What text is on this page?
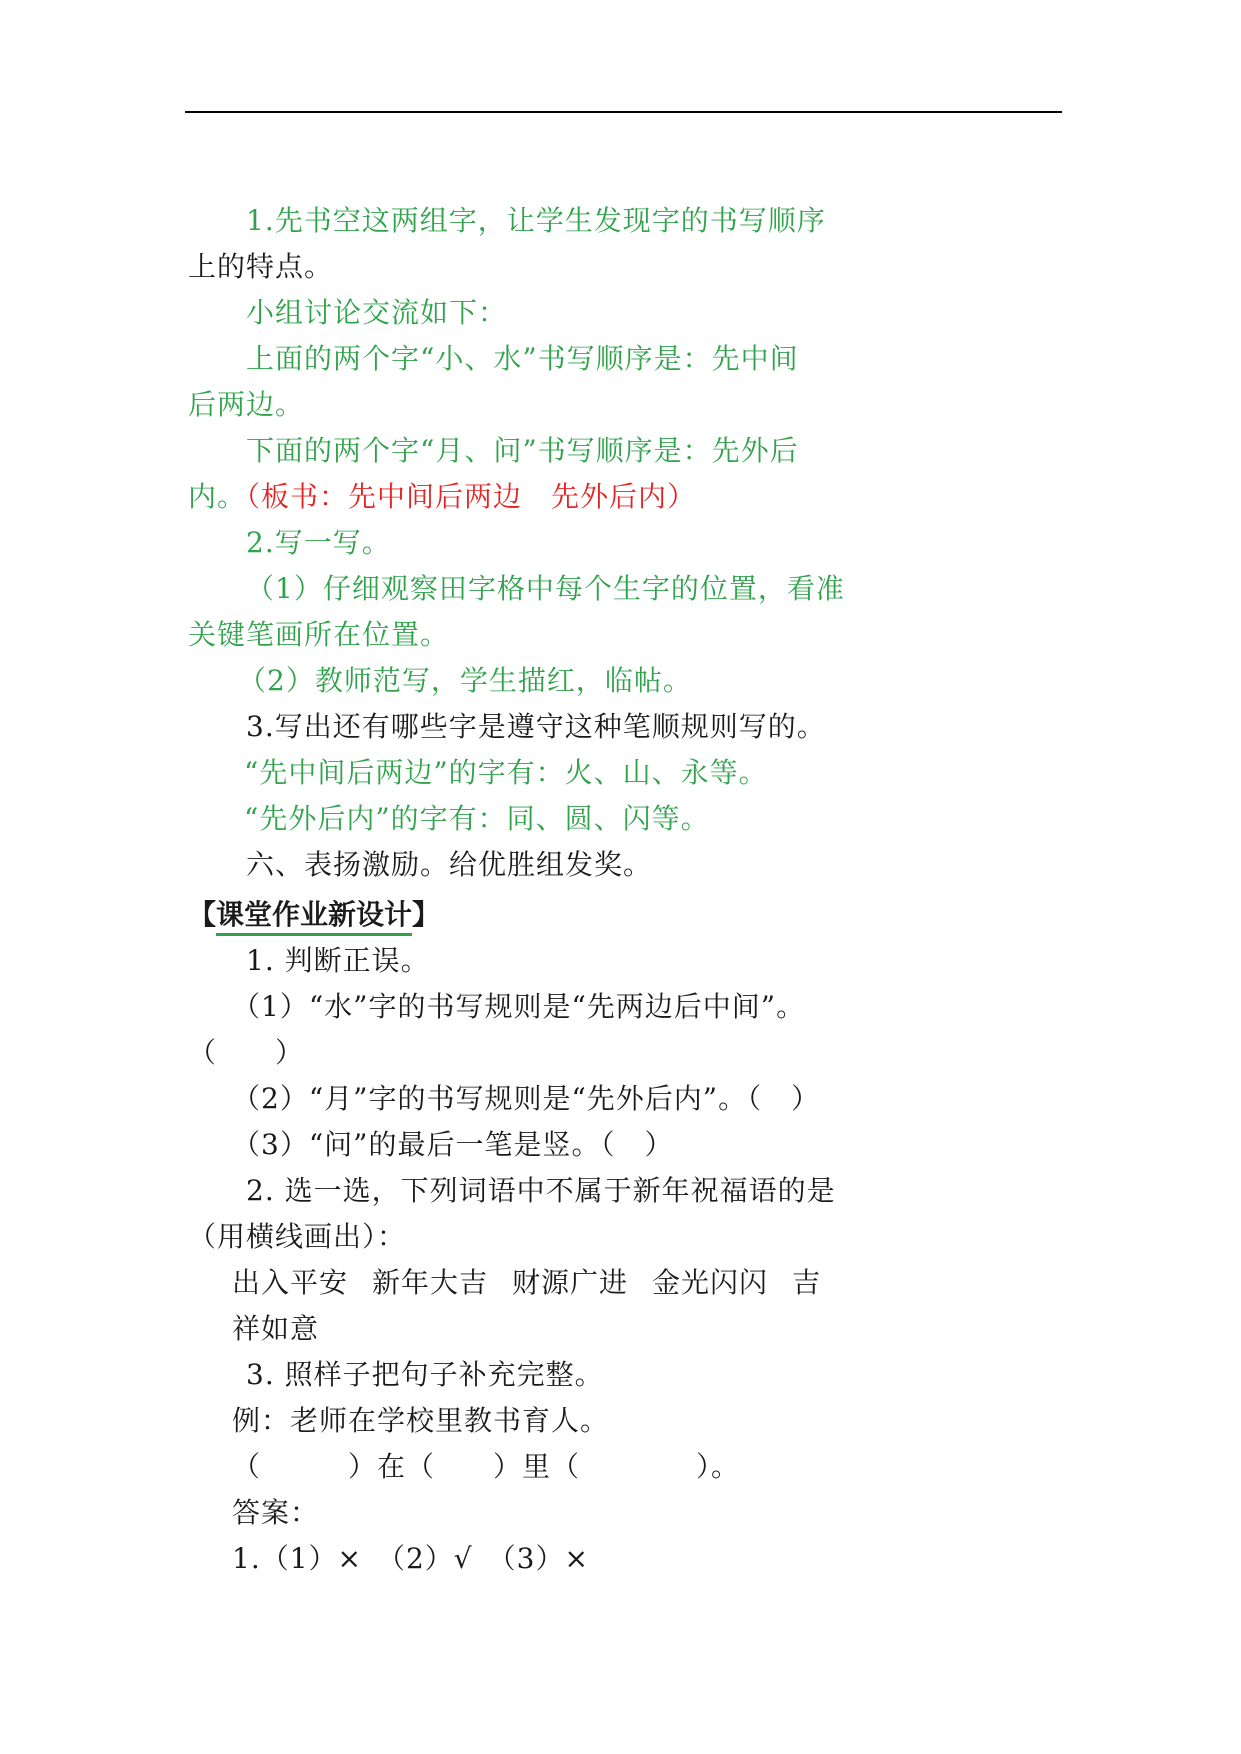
1.先书空这两组字，让学生发现字的书写顺序
上的特点。
小组讨论交流如下：
上面的两个字“小、水”书写顺序是：先中间
后两边。
下面的两个字“月、问”书写顺序是：先外后
内。（板书：先中间后两边　先外后内）
2.写一写。
（1）仔细观察田字格中每个生字的位置，看准
关键笔画所在位置。
（2）教师范写，学生描红，临帖。
3.写出还有哪些字是遵守这种笔顺规则写的。
“先中间后两边”的字有：火、山、永等。
“先外后内”的字有：同、圆、闪等。
六、表扬激励。给优胜组发奖。
【课堂作业新设计】
1. 判断正误。
（1）“水”字的书写规则是“先两边后中间”。
（　　）
（2）“月”字的书写规则是“先外后内”。（　）
（3）“问”的最后一笔是竖。（　）
2. 选一选，下列词语中不属于新年祝福语的是
（用横线画出）：
出入平安 新年大吉 财源广进 金光闪闪 吉
祥如意
3. 照样子把句子补充完整。
例：老师在学校里教书育人。
（　　　）在（　　）里（　　　　）。
答案：
1.（1）×　（2）√　（3）×
